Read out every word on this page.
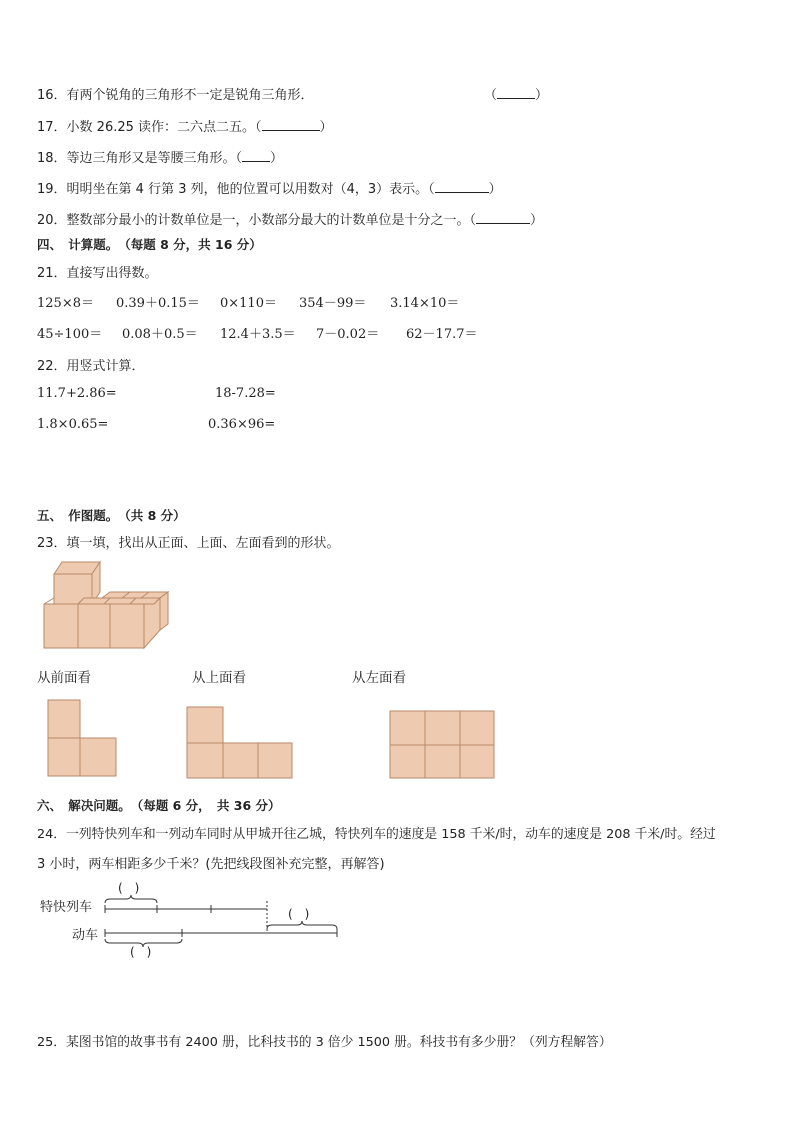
16．有两个锐角的三角形不一定是锐角三角形．	（	）
17．小数 26.25 读作：二六点二五。（	）
18．等边三角形又是等腰三角形。（ ）
19．明明坐在第 4 行第 3 列，他的位置可以用数对（4，3）表示。（	）
20．整数部分最小的计数单位是一，小数部分最大的计数单位是十分之一。（	）
四、　计算题。　（每题 8 分，共 16 分）
21．直接写出得数。
125×8＝ 0.39＋0.15＝ 0×110＝ 354－99＝ 3.14×10＝
45÷100＝ 0.08＋0.5＝ 12.4＋3.5＝ 7－0.02＝ 62－17.7＝
22．用竖式计算．
11.7+2.86=	18-7.28=
1.8×0.65=	0.36×96=
五、　作图题。　（共 8 分）
23．填一填，找出从正面、上面、左面看到的形状。
从前面看	从上面看	从左面看
六、　解决问题。　（每题 6 分，　共 36 分）
24．一列特快列车和一列动车同时从甲城开往乙城，特快列车的速度是 158 千米/时，动车的速度是 208 千米/时。经过
3 小时，两车相距多少千米？(先把线段图补充完整，再解答)
特快列车
动车
(　)
(　)
(　)
25．某图书馆的故事书有 2400 册，比科技书的 3 倍少 1500 册。科技书有多少册？（列方程解答）
